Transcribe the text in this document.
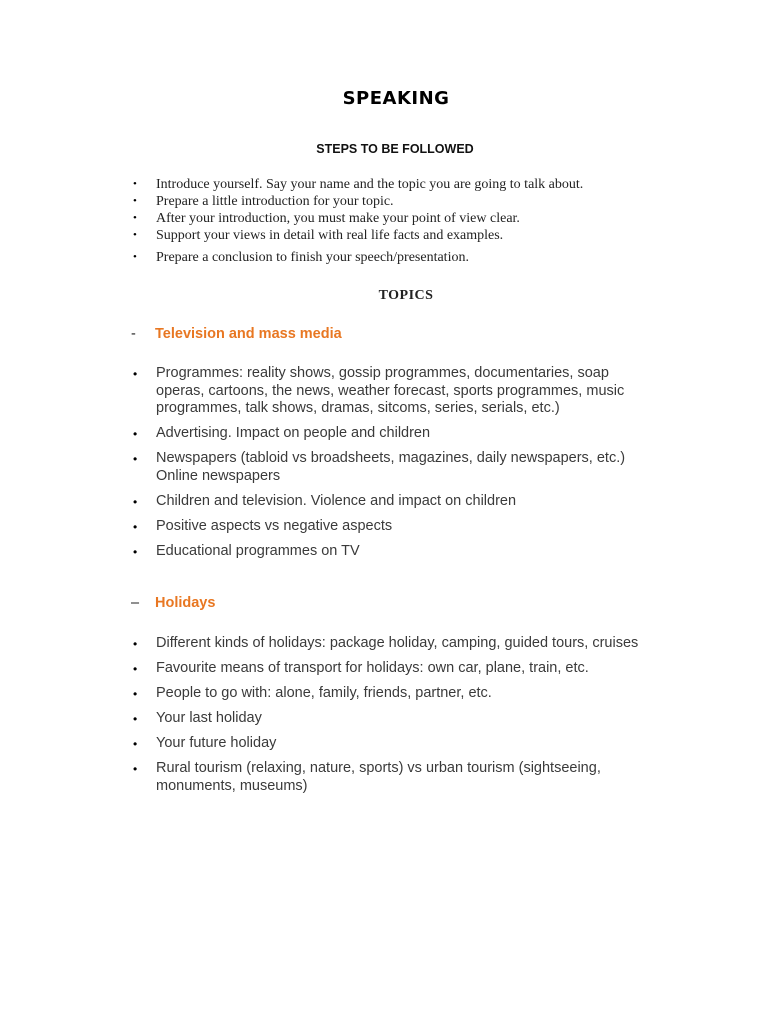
SPEAKING
STEPS TO BE FOLLOWED
• Introduce yourself. Say your name and the topic you are going to talk about.
• Prepare a little introduction for your topic.
• After your introduction, you must make your point of view clear.
• Support your views in detail with real life facts and examples.
• Prepare a conclusion to finish your speech/presentation.
TOPICS
- Television and mass media
• Programmes: reality shows, gossip programmes, documentaries, soap operas, cartoons, the news, weather forecast, sports programmes, music programmes, talk shows, dramas, sitcoms, series, serials, etc.)
• Advertising. Impact on people and children
• Newspapers (tabloid vs broadsheets, magazines, daily newspapers, etc.) Online newspapers
• Children and television. Violence and impact on children
• Positive aspects vs negative aspects
• Educational programmes on TV
– Holidays
• Different kinds of holidays: package holiday, camping, guided tours, cruises
• Favourite means of transport for holidays: own car, plane, train, etc.
• People to go with: alone, family, friends, partner, etc.
• Your last holiday
• Your future holiday
• Rural tourism (relaxing, nature, sports) vs urban tourism (sightseeing, monuments, museums)
